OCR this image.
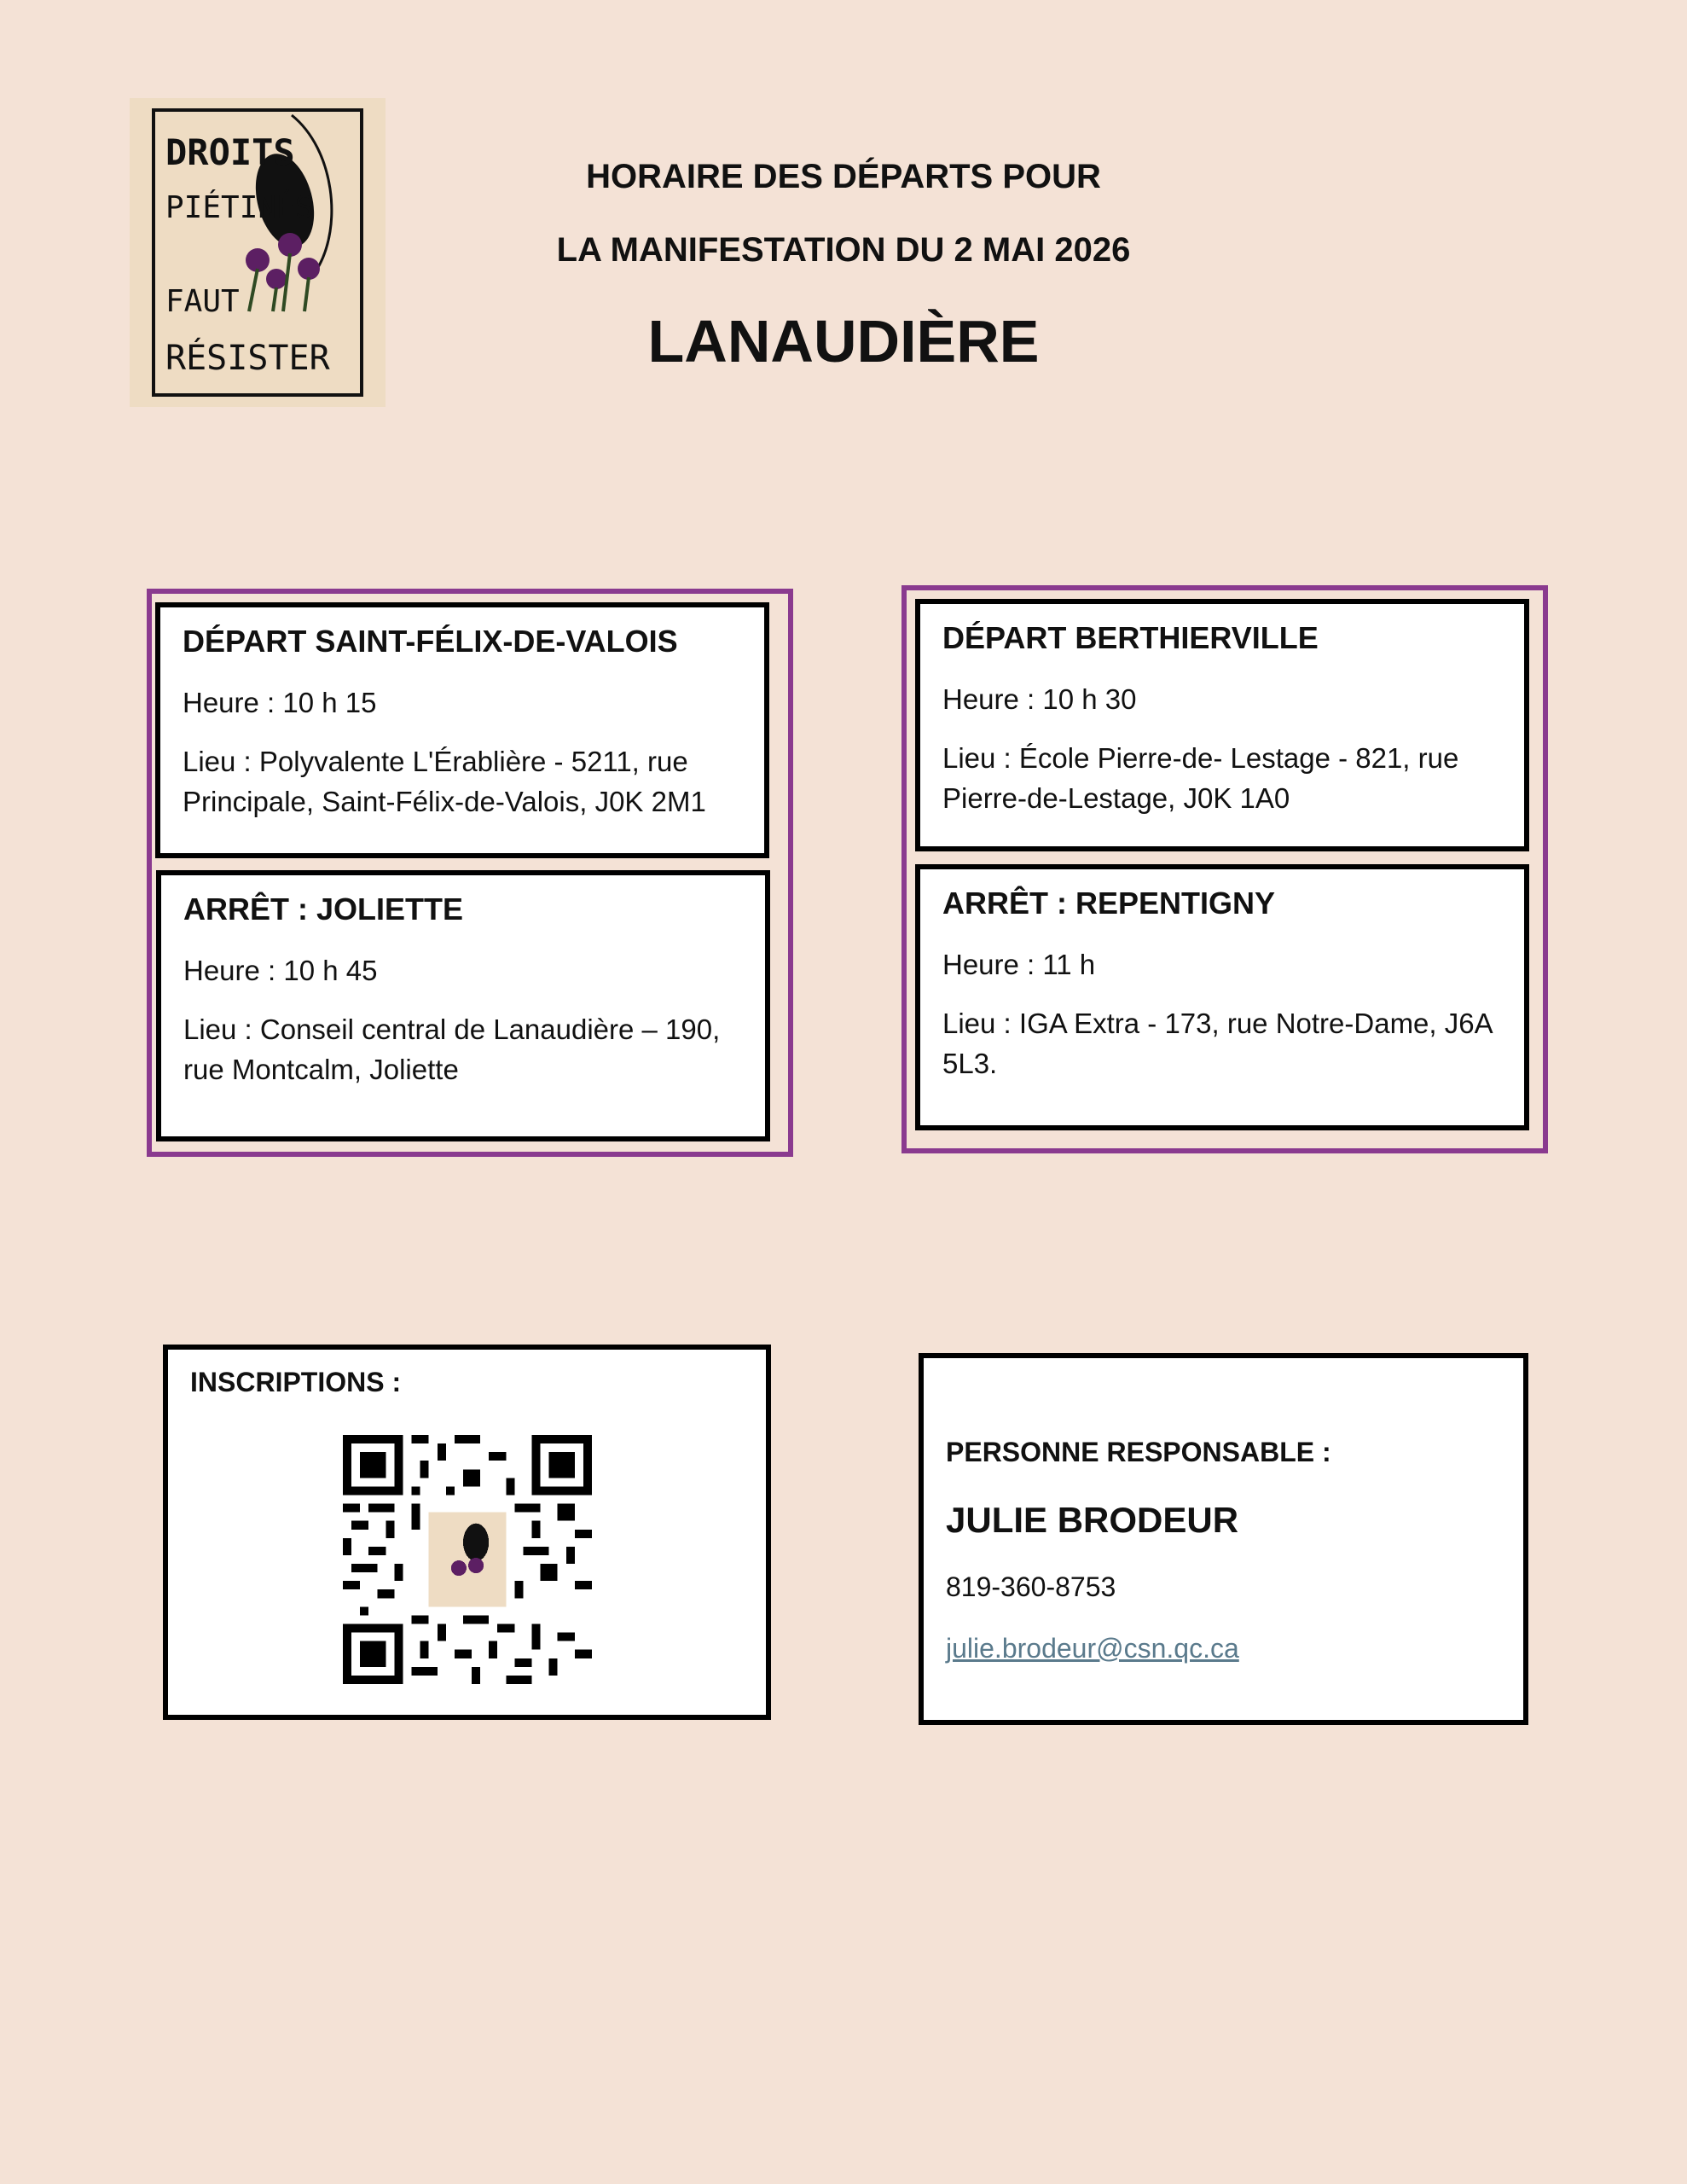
DROITS
PIÉTINÉS
FAUT
RÉSISTER
HORAIRE DES DÉPARTS POUR
LA MANIFESTATION DU 2 MAI 2026
LANAUDIÈRE
DÉPART SAINT-FÉLIX-DE-VALOIS
Heure : 10 h 15
Lieu : Polyvalente L'Érablière - 5211, rue Principale, Saint-Félix-de-Valois, J0K 2M1
ARRÊT : JOLIETTE
Heure : 10 h 45
Lieu : Conseil central de Lanaudière – 190, rue Montcalm, Joliette
DÉPART BERTHIERVILLE
Heure : 10 h 30
Lieu : École Pierre-de- Lestage - 821, rue Pierre-de-Lestage, J0K 1A0
ARRÊT : REPENTIGNY
Heure : 11 h
Lieu : IGA Extra - 173, rue Notre-Dame, J6A 5L3.
INSCRIPTIONS :
PERSONNE RESPONSABLE :
JULIE BRODEUR
819-360-8753
julie.brodeur@csn.qc.ca
